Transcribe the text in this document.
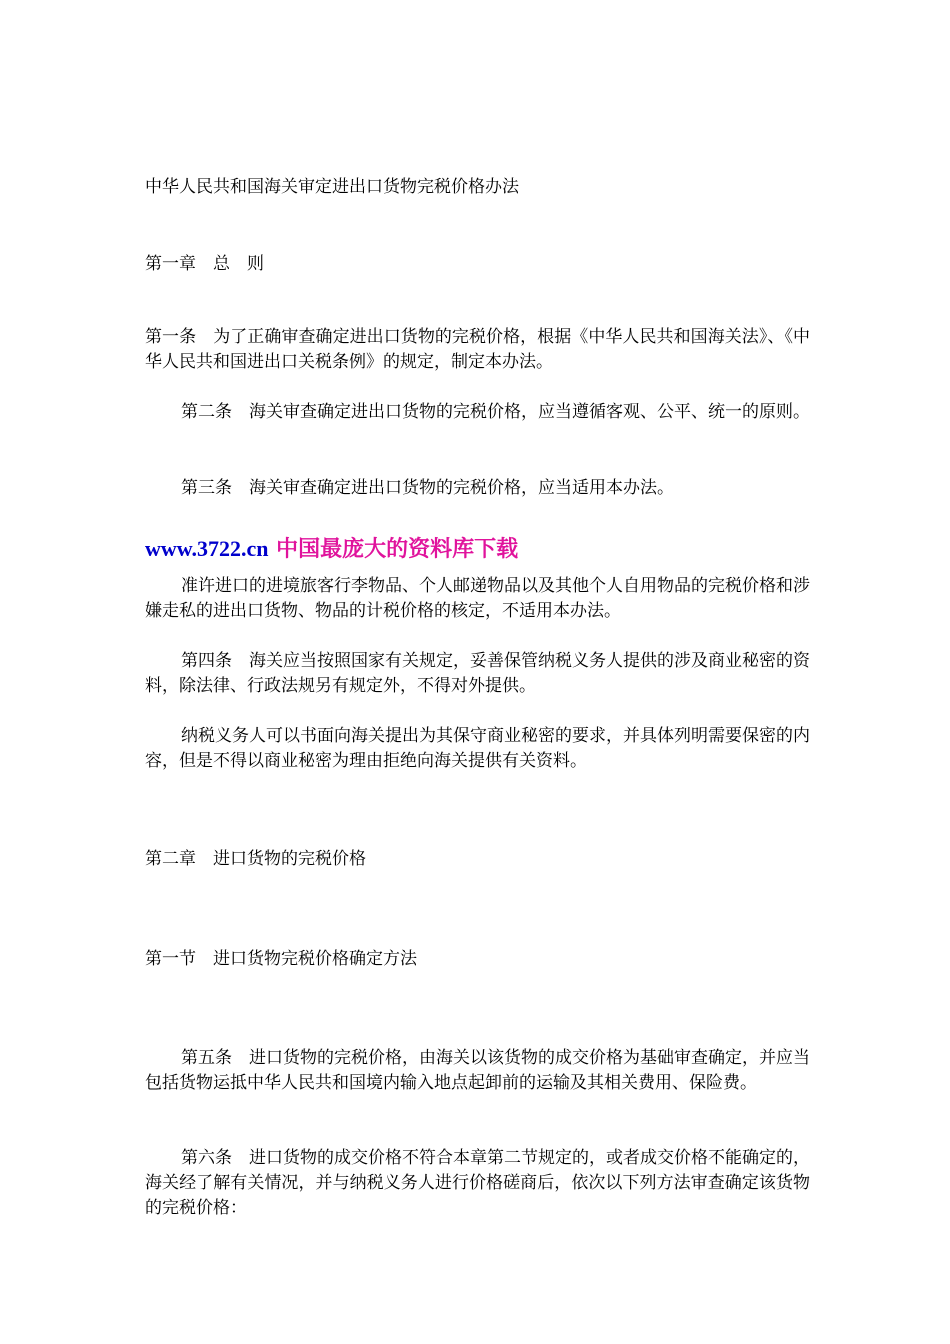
中华人民共和国海关审定进出口货物完税价格办法
第一章　总　则
第一条　为了正确审查确定进出口货物的完税价格，根据《中华人民共和国海关法》、《中华人民共和国进出口关税条例》的规定，制定本办法。
第二条　海关审查确定进出口货物的完税价格，应当遵循客观、公平、统一的原则。
第三条　海关审查确定进出口货物的完税价格，应当适用本办法。
www.3722.cn 中国最庞大的资料库下载
准许进口的进境旅客行李物品、个人邮递物品以及其他个人自用物品的完税价格和涉嫌走私的进出口货物、物品的计税价格的核定，不适用本办法。
第四条　海关应当按照国家有关规定，妥善保管纳税义务人提供的涉及商业秘密的资料，除法律、行政法规另有规定外，不得对外提供。
纳税义务人可以书面向海关提出为其保守商业秘密的要求，并具体列明需要保密的内容，但是不得以商业秘密为理由拒绝向海关提供有关资料。
第二章　进口货物的完税价格
第一节　进口货物完税价格确定方法
第五条　进口货物的完税价格，由海关以该货物的成交价格为基础审查确定，并应当包括货物运抵中华人民共和国境内输入地点起卸前的运输及其相关费用、保险费。
第六条　进口货物的成交价格不符合本章第二节规定的，或者成交价格不能确定的，海关经了解有关情况，并与纳税义务人进行价格磋商后，依次以下列方法审查确定该货物的完税价格：
